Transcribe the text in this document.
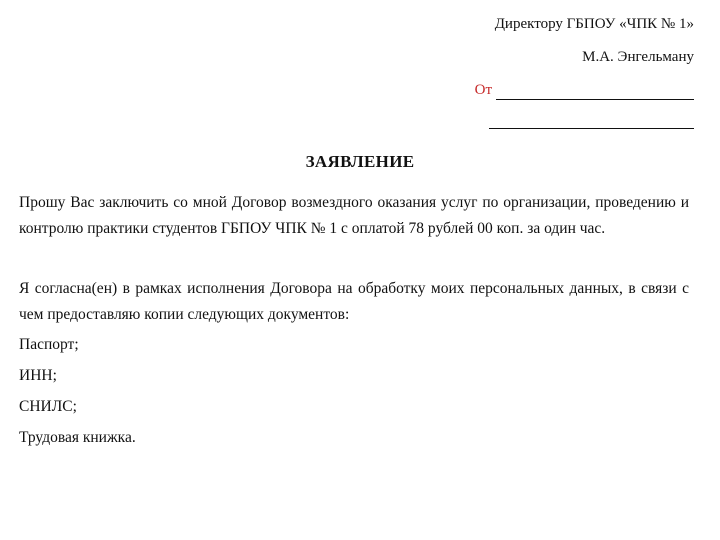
Директору ГБПОУ «ЧПК № 1»
М.А. Энгельману
От
ЗАЯВЛЕНИЕ
Прошу Вас заключить со мной Договор возмездного оказания услуг по организации, проведению и контролю практики студентов ГБПОУ ЧПК № 1 с оплатой 78 рублей 00 коп. за один час.
Я согласна(ен) в рамках исполнения Договора на обработку моих персональных данных, в связи с чем предоставляю копии следующих документов:
Паспорт;
ИНН;
СНИЛС;
Трудовая книжка.
